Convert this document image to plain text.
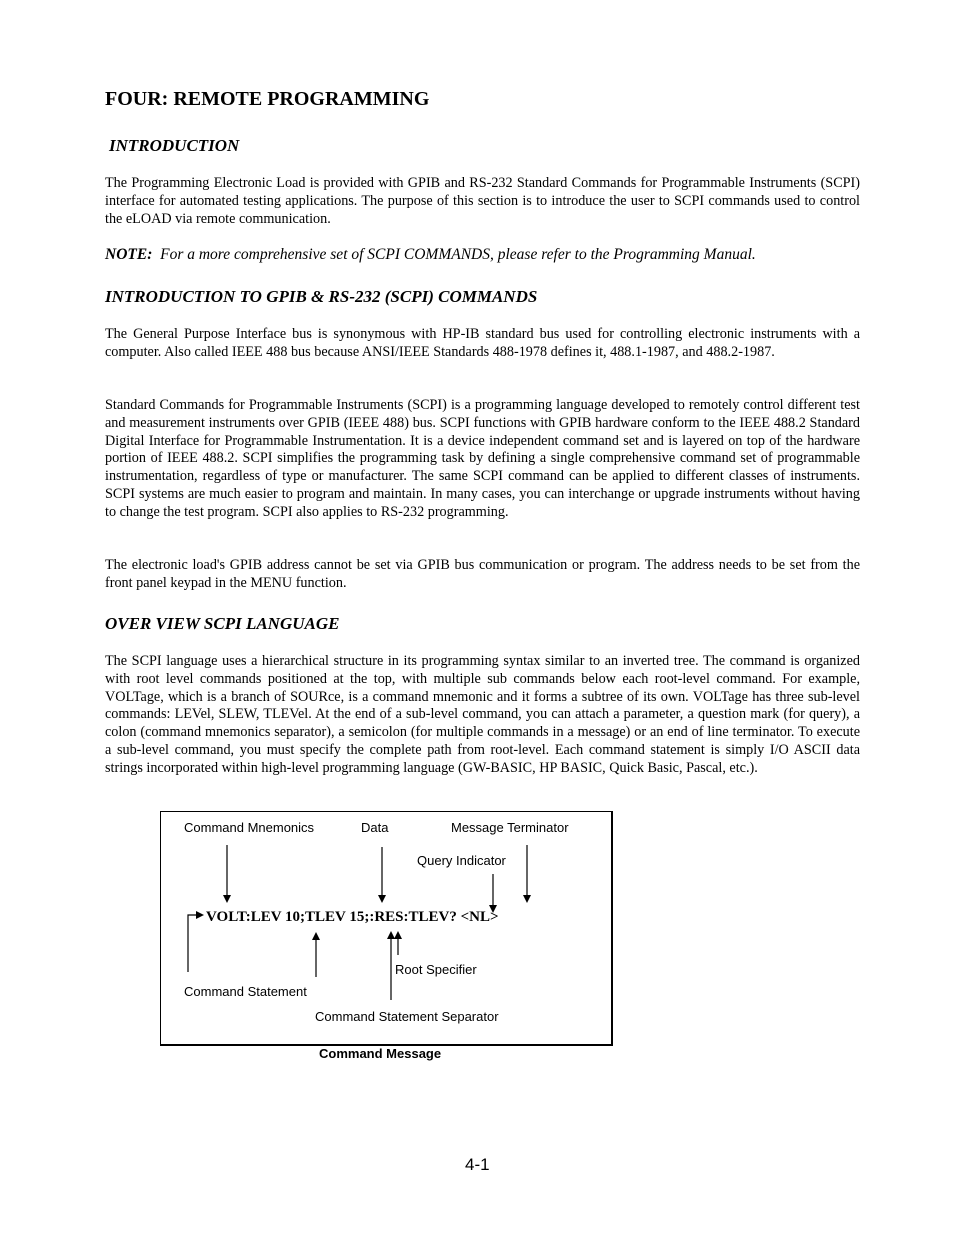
FOUR: REMOTE PROGRAMMING
INTRODUCTION

The Programming Electronic Load is provided with GPIB and RS-232 Standard Commands for Programmable Instruments (SCPI) interface for automated testing applications. The purpose of this section is to introduce the user to SCPI commands used to control the eLOAD via remote communication.

NOTE: For a more comprehensive set of SCPI COMMANDS, please refer to the Programming Manual.

INTRODUCTION TO GPIB & RS-232 (SCPI) COMMANDS

The General Purpose Interface bus is synonymous with HP-IB standard bus used for controlling electronic instruments with a computer. Also called IEEE 488 bus because ANSI/IEEE Standards 488-1978 defines it, 488.1-1987, and 488.2-1987.

Standard Commands for Programmable Instruments (SCPI) is a programming language developed to remotely control different test and measurement instruments over GPIB (IEEE 488) bus. SCPI functions with GPIB hardware conform to the IEEE 488.2 Standard Digital Interface for Programmable Instrumentation. It is a device independent command set and is layered on top of the hardware portion of IEEE 488.2. SCPI simplifies the programming task by defining a single comprehensive command set of programmable instrumentation, regardless of type or manufacturer. The same SCPI command can be applied to different classes of instruments. SCPI systems are much easier to program and maintain. In many cases, you can interchange or upgrade instruments without having to change the test program. SCPI also applies to RS-232 programming.

The electronic load's GPIB address cannot be set via GPIB bus communication or program. The address needs to be set from the front panel keypad in the MENU function.

OVER VIEW SCPI LANGUAGE

The SCPI language uses a hierarchical structure in its programming syntax similar to an inverted tree. The command is organized with root level commands positioned at the top, with multiple sub commands below each root-level command. For example, VOLTage, which is a branch of SOURce, is a command mnemonic and it forms a subtree of its own. VOLTage has three sub-level commands: LEVel, SLEW, TLEVel. At the end of a sub-level command, you can attach a parameter, a question mark (for query), a colon (command mnemonics separator), a semicolon (for multiple commands in a message) or an end of line terminator. To execute a sub-level command, you must specify the complete path from root-level. Each command statement is simply I/O ASCII data strings incorporated within high-level programming language (GW-BASIC, HP BASIC, Quick Basic, Pascal, etc.).

Command Mnemonics	Data	Message Terminator
Query Indicator
Root Specifier
Command Statement
Command Statement Separator
VOLT:LEV 10;TLEV 15;:RES:TLEV? <NL>
Command Message
4-1
